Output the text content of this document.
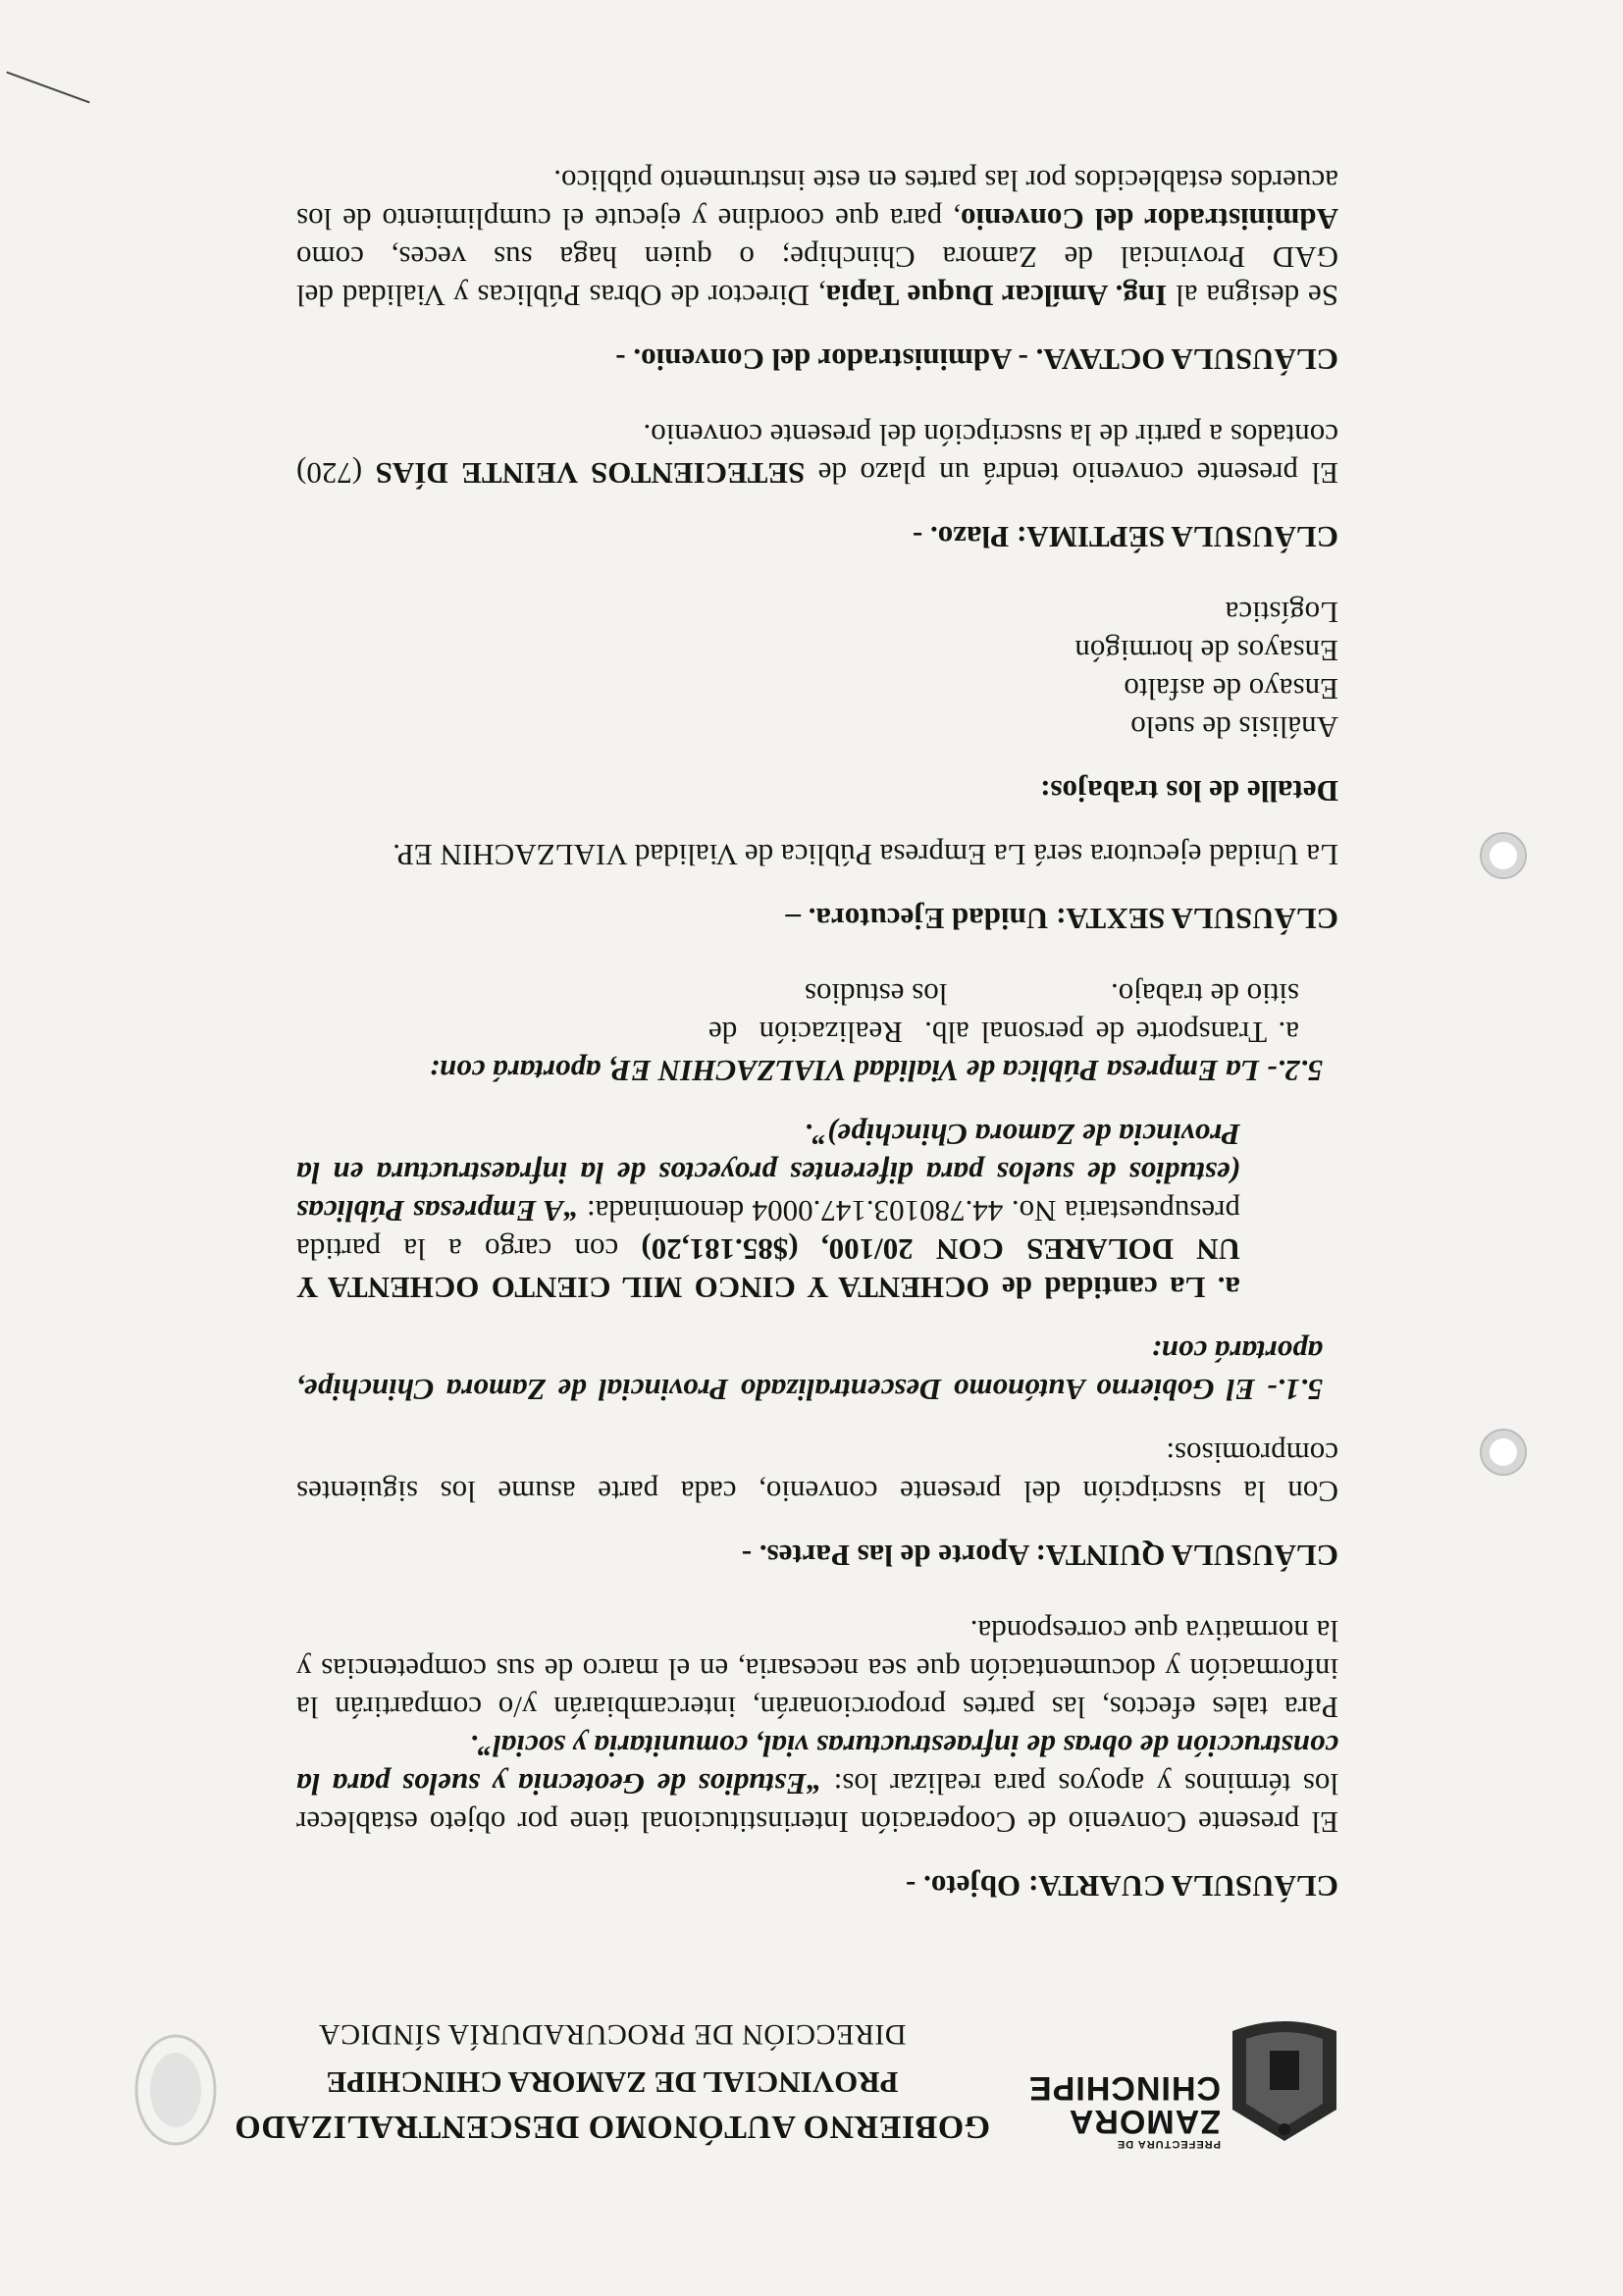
PREFECTURA DE
ZAMORA
CHINCHIPE
GOBIERNO AUTÓNOMO DESCENTRALIZADO
PROVINCIAL DE ZAMORA CHINCHIPE
DIRECCIÓN DE PROCURADURÍA SÍNDICA

CLÁUSULA CUARTA: Objeto. -

El presente Convenio de Cooperación Interinstitucional tiene por objeto establecer los términos y apoyos para realizar los: “Estudios de Geotecnia y suelos para la construcción de obras de infraestructuras vial, comunitaria y social”.

Para tales efectos, las partes proporcionarán, intercambiarán y/o compartirán la información y documentación que sea necesaria, en el marco de sus competencias y la normativa que corresponda.

CLÁUSULA QUINTA: Aporte de las Partes. -

Con la suscripción del presente convenio, cada parte asume los siguientes compromisos:

5.1.- El Gobierno Autónomo Descentralizado Provincial de Zamora Chinchipe, aportará con:

a. La cantidad de OCHENTA Y CINCO MIL CIENTO OCHENTA Y UN DOLARES CON 20/100, ($85.181,20) con cargo a la partida presupuestaria No. 44.780103.147.0004 denominada: “A Empresas Públicas (estudios de suelos para diferentes proyectos de la infraestructura en la Provincia de Zamora Chinchipe)”.

5.2.- La Empresa Pública de Vialidad VIALZACHIN EP, aportará con:

a. Transporte de personal al sitio de trabajo.
b. Realización de los estudios

CLÁUSULA SEXTA: Unidad Ejecutora. –

La Unidad ejecutora será La Empresa Pública de Vialidad VIALZACHIN EP.

Detalle de los trabajos:

Análisis de suelo

Ensayo de asfalto

Ensayos de hormigón

Logística

CLÁUSULA SÉPTIMA: Plazo. -

El presente convenio tendrá un plazo de SETECIENTOS VEINTE DÍAS (720) contados a partir de la suscripción del presente convenio.

CLÁUSULA OCTAVA. - Administrador del Convenio. -

Se designa al Ing. Amílcar Duque Tapia, Director de Obras Públicas y Vialidad del GAD Provincial de Zamora Chinchipe; o quien haga sus veces, como Administrador del Convenio, para que coordine y ejecute el cumplimiento de los acuerdos establecidos por las partes en este instrumento público.
